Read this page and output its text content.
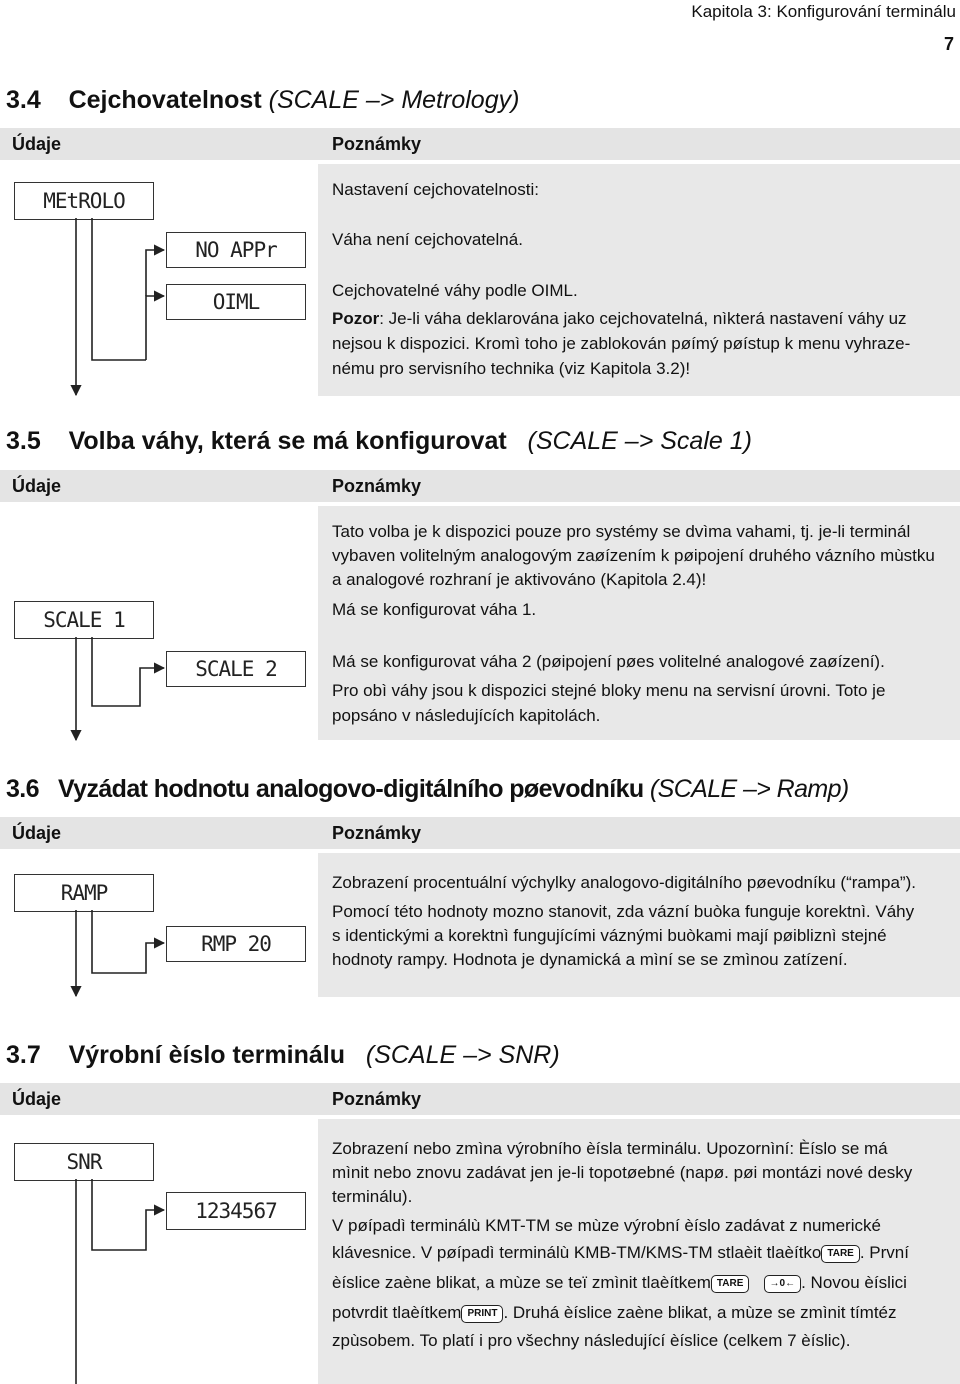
Kapitola 3: Konfigurování terminálu
7
3.4 Cejchovatelnost (SCALE –> Metrology)
Údaje	Poznámky
MEtROLO
NO APPr
OIML
Nastavení cejchovatelnosti:
Váha není cejchovatelná.
Cejchovatelné váhy podle OIML.
Pozor: Je-li váha deklarována jako cejchovatelná, nìkterá nastavení váhy uz
nejsou k dispozici. Kromì toho je zablokován pøímý pøístup k menu vyhraze-
nému pro servisního technika (viz Kapitola 3.2)!
3.5 Volba váhy, která se má konfigurovat (SCALE –> Scale 1)
Údaje	Poznámky
SCALE 1
SCALE 2
Tato volba je k dispozici pouze pro systémy se dvìma vahami, tj. je-li terminál
vybaven volitelným analogovým zaøízením k pøipojení druhého vázního mùstku
a analogové rozhraní je aktivováno (Kapitola 2.4)!
Má se konfigurovat váha 1.
Má se konfigurovat váha 2 (pøipojení pøes volitelné analogové zaøízení).
Pro obì váhy jsou k dispozici stejné bloky menu na servisní úrovni. Toto je
popsáno v následujících kapitolách.
3.6 Vyzádat hodnotu analogovo-digitálního pøevodníku (SCALE –> Ramp)
Údaje	Poznámky
RAMP
RMP 20
Zobrazení procentuální výchylky analogovo-digitálního pøevodníku (“rampa”).
Pomocí této hodnoty mozno stanovit, zda vázní buòka funguje korektnì. Váhy
s identickými a korektnì fungujícími váznými buòkami mají pøibliznì stejné
hodnoty rampy. Hodnota je dynamická a mìní se se zmìnou zatízení.
3.7 Výrobní èíslo terminálu (SCALE –> SNR)
Údaje	Poznámky
SNR
1234567
Zobrazení nebo zmìna výrobního èísla terminálu. Upozornìní: Èíslo se má
mìnit nebo znovu zadávat jen je-li topotøebné (napø. pøi montázi nové desky
terminálu).
V pøípadì terminálù KMT-TM se mùze výrobní èíslo zadávat z numerické
klávesnice. V pøípadì terminálù KMB-TM/KMS-TM stlaèit tlaèítko TARE . První
èíslice zaène blikat, a mùze se teï zmìnit tlaèítkem TARE	→0← . Novou èíslici
potvrdit tlaèítkem PRINT . Druhá èíslice zaène blikat, a mùze se zmìnit tímtéz
zpùsobem. To platí i pro všechny následující èíslice (celkem 7 èíslic).
